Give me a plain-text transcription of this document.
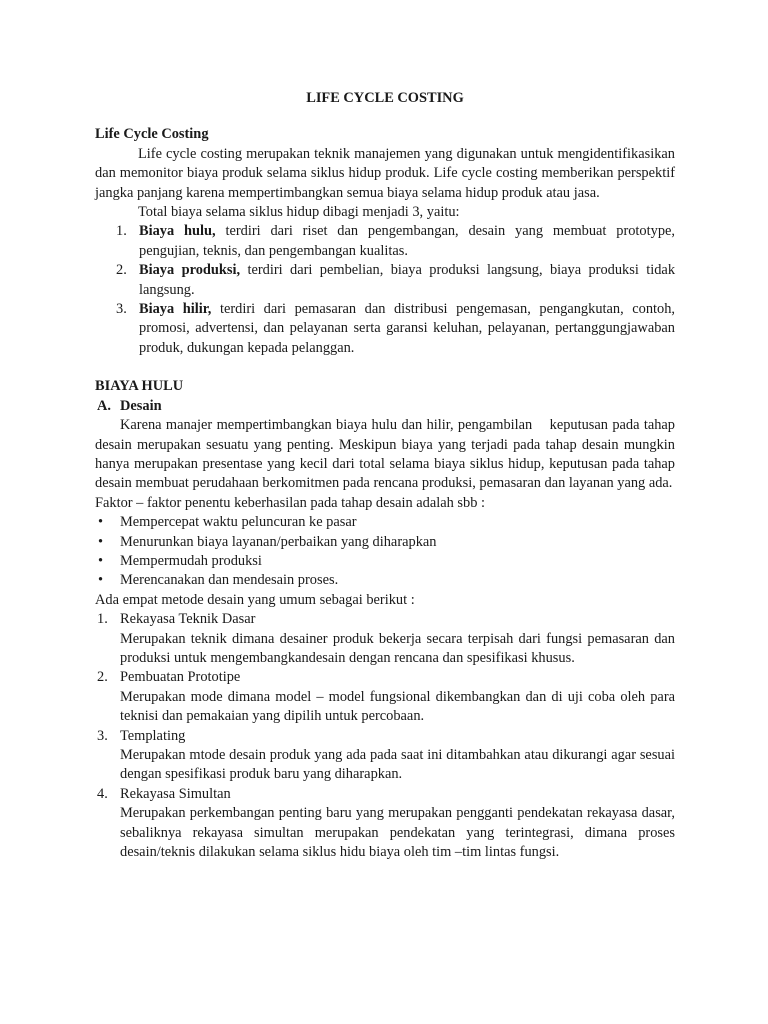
LIFE CYCLE COSTING

Life Cycle Costing

Life cycle costing merupakan teknik manajemen yang digunakan untuk mengidentifikasikan dan memonitor biaya produk selama siklus hidup produk. Life cycle costing memberikan perspektif jangka panjang karena mempertimbangkan semua biaya selama hidup produk atau jasa.

Total biaya selama siklus hidup dibagi menjadi 3, yaitu:

1. Biaya hulu, terdiri dari riset dan pengembangan, desain yang membuat prototype, pengujian, teknis, dan pengembangan kualitas.
2. Biaya produksi, terdiri dari pembelian, biaya produksi langsung, biaya produksi tidak langsung.
3. Biaya hilir, terdiri dari pemasaran dan distribusi pengemasan, pengangkutan, contoh, promosi, advertensi, dan pelayanan serta garansi keluhan, pelayanan, pertanggungjawaban produk, dukungan kepada pelanggan.

BIAYA HULU

A. Desain

Karena manajer mempertimbangkan biaya hulu dan hilir, pengambilan    keputusan pada tahap desain merupakan sesuatu yang penting. Meskipun biaya yang terjadi pada tahap desain mungkin hanya merupakan presentase yang kecil dari total selama biaya siklus hidup, keputusan pada tahap desain membuat perudahaan berkomitmen pada rencana produksi, pemasaran dan layanan yang ada.

Faktor – faktor penentu keberhasilan pada tahap desain adalah sbb :

• Mempercepat waktu peluncuran ke pasar
• Menurunkan biaya layanan/perbaikan yang diharapkan
• Mempermudah produksi
• Merencanakan dan mendesain proses.

Ada empat metode desain yang umum sebagai berikut :

1. Rekayasa Teknik Dasar
Merupakan teknik dimana desainer produk bekerja secara terpisah dari fungsi pemasaran dan produksi untuk mengembangkandesain dengan rencana dan spesifikasi khusus.
2. Pembuatan Prototipe
Merupakan mode dimana model – model fungsional dikembangkan dan di uji coba oleh para teknisi dan pemakaian yang dipilih untuk percobaan.
3. Templating
Merupakan mtode desain produk yang ada pada saat ini ditambahkan atau dikurangi agar sesuai dengan spesifikasi produk baru yang diharapkan.
4. Rekayasa Simultan
Merupakan perkembangan penting baru yang merupakan pengganti pendekatan rekayasa dasar, sebaliknya rekayasa simultan merupakan pendekatan yang terintegrasi, dimana proses desain/teknis dilakukan selama siklus hidu biaya oleh tim –tim lintas fungsi.
